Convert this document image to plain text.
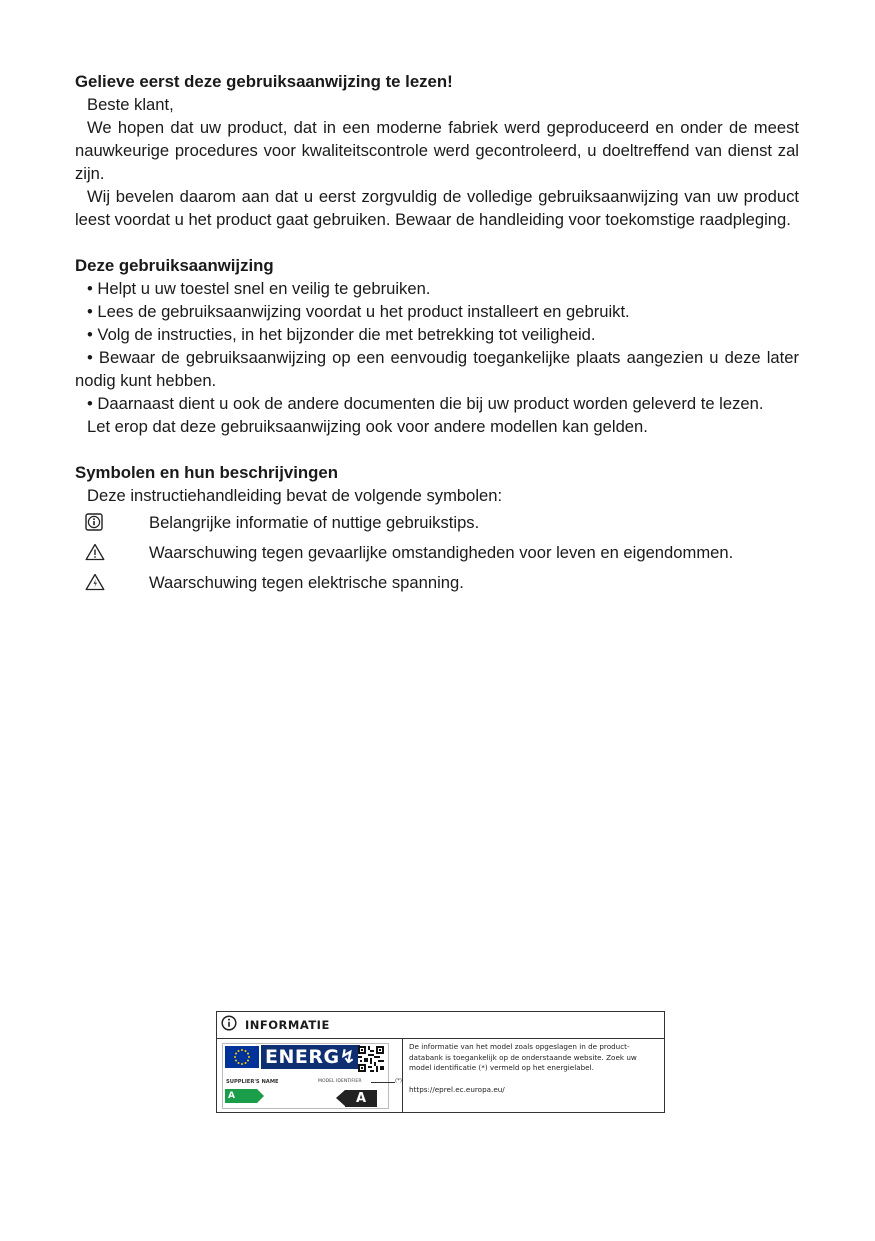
Gelieve eerst deze gebruiksaanwijzing te lezen!

Beste klant,

We hopen dat uw product, dat in een moderne fabriek werd geproduceerd en onder de meest nauwkeurige procedures voor kwaliteitscontrole werd gecontroleerd, u doeltreffend van dienst zal zijn.

Wij bevelen daarom aan dat u eerst zorgvuldig de volledige gebruiksaanwijzing van uw product leest voordat u het product gaat gebruiken. Bewaar de handleiding voor toekomstige raadpleging.

Deze gebruiksaanwijzing

• Helpt u uw toestel snel en veilig te gebruiken.

• Lees de gebruiksaanwijzing voordat u het product installeert en gebruikt.

• Volg de instructies, in het bijzonder die met betrekking tot veiligheid.

• Bewaar de gebruiksaanwijzing op een eenvoudig toegankelijke plaats aangezien u deze later nodig kunt hebben.

• Daarnaast dient u ook de andere documenten die bij uw product worden geleverd te lezen.

Let erop dat deze gebruiksaanwijzing ook voor andere modellen kan gelden.

Symbolen en hun beschrijvingen

Deze instructiehandleiding bevat de volgende symbolen:

Belangrijke informatie of nuttige gebruikstips.
Waarschuwing tegen gevaarlijke omstandigheden voor leven en eigendommen.
Waarschuwing tegen elektrische spanning.
INFORMATIE
ENERG↯
SUPPLIER'S NAME	MODEL IDENTIFIER	(*)
A	A
De informatie van het model zoals opgeslagen in de product-databank is toegankelijk op de onderstaande website. Zoek uw model identificatie (*) vermeld op het energielabel.
https://eprel.ec.europa.eu/
